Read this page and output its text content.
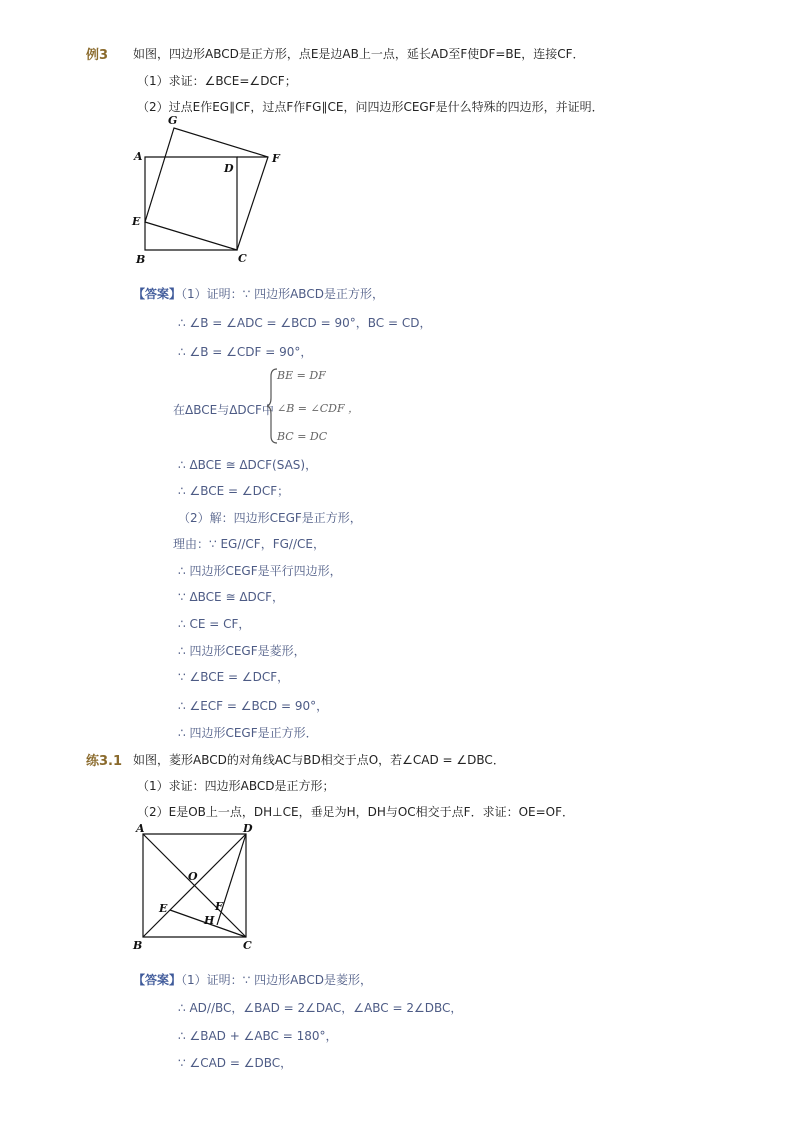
例3 如图，四边形ABCD是正方形，点E是边AB上一点，延长AD至F使DF=BE，连接CF．
（1）求证：∠BCE=∠DCF；
（2）过点E作EG∥CF，过点F作FG∥CE，问四边形CEGF是什么特殊的四边形，并证明．
G
A
D
F
E
B	C
【答案】（1）证明：∵ 四边形ABCD是正方形，
∴ ∠B = ∠ADC = ∠BCD = 90°，BC = CD，
∴ ∠B = ∠CDF = 90°，
在ΔBCE与ΔDCF中
BE = DF
∠B = ∠CDF ，
BC = DC
∴ ΔBCE ≅ ΔDCF(SAS)，
∴ ∠BCE = ∠DCF；
（2）解：四边形CEGF是正方形，
理由：∵ EG//CF，FG//CE，
∴ 四边形CEGF是平行四边形，
∵ ΔBCE ≅ ΔDCF，
∴ CE = CF，
∴ 四边形CEGF是菱形，
∵ ∠BCE = ∠DCF，
∴ ∠ECF = ∠BCD = 90°，
∴ 四边形CEGF是正方形．
练3.1 如图，菱形ABCD的对角线AC与BD相交于点O，若∠CAD = ∠DBC．
（1）求证：四边形ABCD是正方形；
（2）E是OB上一点，DH⊥CE，垂足为H，DH与OC相交于点F．求证：OE=OF．
A	D
O
F
E
H
B	C
【答案】（1）证明：∵ 四边形ABCD是菱形，
∴ AD//BC，∠BAD = 2∠DAC，∠ABC = 2∠DBC，
∴ ∠BAD + ∠ABC = 180°，
∵ ∠CAD = ∠DBC，
